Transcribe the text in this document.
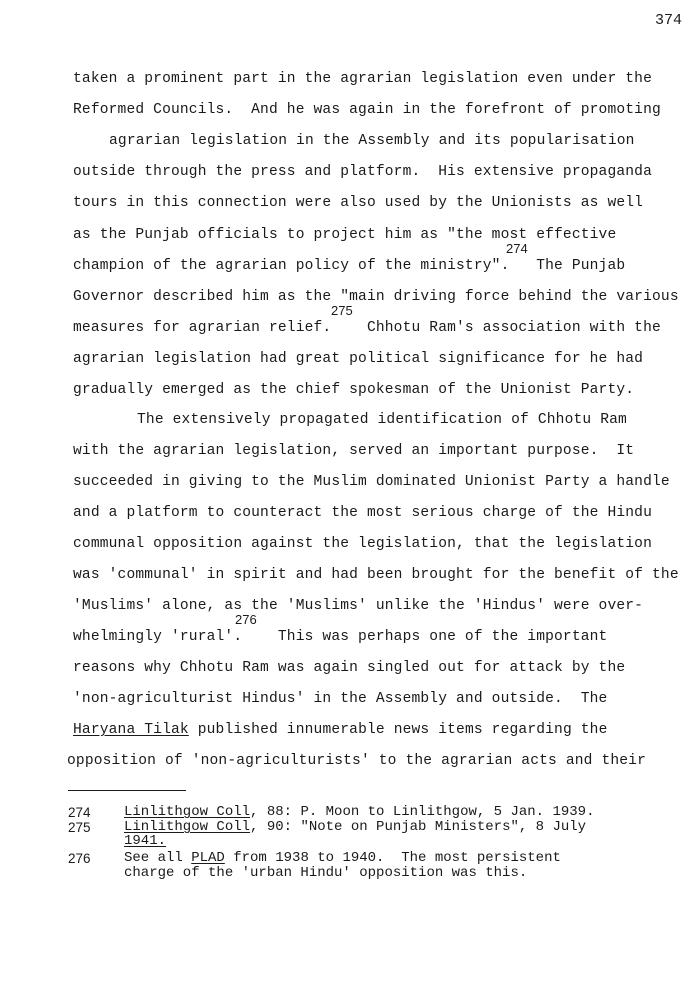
374
taken a prominent part in the agrarian legislation even under the
Reformed Councils.  And he was again in the forefront of promoting
agrarian legislation in the Assembly and its popularisation
outside through the press and platform.  His extensive propaganda
tours in this connection were also used by the Unionists as well
as the Punjab officials to project him as "the most effective
274
champion of the agrarian policy of the ministry".   The Punjab
Governor described him as the "main driving force behind the various
275
measures for agrarian relief.    Chhotu Ram's association with the
agrarian legislation had great political significance for he had
gradually emerged as the chief spokesman of the Unionist Party.
The extensively propagated identification of Chhotu Ram
with the agrarian legislation, served an important purpose.  It
succeeded in giving to the Muslim dominated Unionist Party a handle
and a platform to counteract the most serious charge of the Hindu
communal opposition against the legislation, that the legislation
was 'communal' in spirit and had been brought for the benefit of the
'Muslims' alone, as the 'Muslims' unlike the 'Hindus' were over-
276
whelmingly 'rural'.    This was perhaps one of the important
reasons why Chhotu Ram was again singled out for attack by the
'non-agriculturist Hindus' in the Assembly and outside.  The
Haryana Tilak published innumerable news items regarding the
opposition of 'non-agriculturists' to the agrarian acts and their
274 Linlithgow Coll, 88: P. Moon to Linlithgow, 5 Jan. 1939.
275 Linlithgow Coll, 90: "Note on Punjab Ministers", 8 July
1941.
276 See all PLAD from 1938 to 1940.  The most persistent
charge of the 'urban Hindu' opposition was this.
